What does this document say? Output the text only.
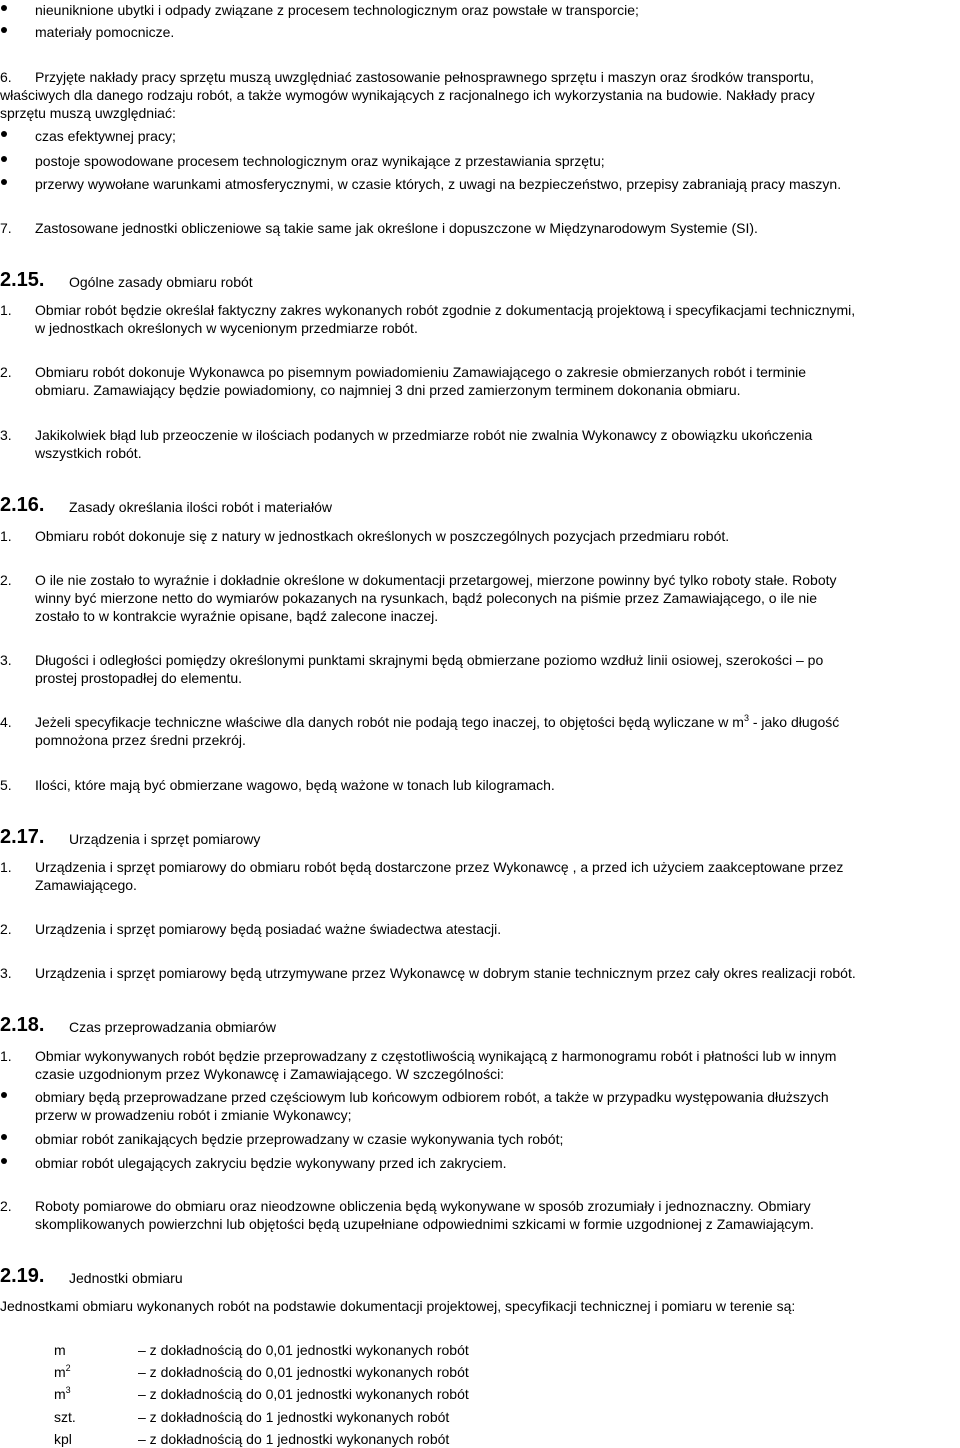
nieuniknione ubytki i odpady związane z procesem technologicznym oraz powstałe w transporcie;
materiały pomocnicze.
6. Przyjęte nakłady pracy sprzętu muszą uwzględniać zastosowanie pełnosprawnego sprzętu i maszyn oraz środków transportu,
właściwych dla danego rodzaju robót, a także wymogów wynikających z racjonalnego ich wykorzystania na budowie. Nakłady pracy
sprzętu muszą uwzględniać:
czas efektywnej pracy;
postoje spowodowane procesem technologicznym oraz wynikające z przestawiania sprzętu;
przerwy wywołane warunkami atmosferycznymi, w czasie których, z uwagi na bezpieczeństwo, przepisy zabraniają pracy maszyn.
7. Zastosowane jednostki obliczeniowe są takie same jak określone i dopuszczone w Międzynarodowym Systemie (SI).
2.15. Ogólne zasady obmiaru robót
1. Obmiar robót będzie określał faktyczny zakres wykonanych robót zgodnie z dokumentacją projektową i specyfikacjami technicznymi,
w jednostkach określonych w wycenionym przedmiarze robót.
2. Obmiaru robót dokonuje Wykonawca po pisemnym powiadomieniu Zamawiającego o zakresie obmierzanych robót i terminie
obmiaru. Zamawiający będzie powiadomiony, co najmniej 3 dni przed zamierzonym terminem dokonania obmiaru.
3. Jakikolwiek błąd lub przeoczenie w ilościach podanych w przedmiarze robót nie zwalnia Wykonawcy z obowiązku ukończenia
wszystkich robót.
2.16. Zasady określania ilości robót i materiałów
1. Obmiaru robót dokonuje się z natury w jednostkach określonych w poszczególnych pozycjach przedmiaru robót.
2. O ile nie zostało to wyraźnie i dokładnie określone w dokumentacji przetargowej, mierzone powinny być tylko roboty stałe. Roboty
winny być mierzone netto do wymiarów pokazanych na rysunkach, bądź poleconych na piśmie przez Zamawiającego, o ile nie
zostało to w kontrakcie wyraźnie opisane, bądź zalecone inaczej.
3. Długości i odległości pomiędzy określonymi punktami skrajnymi będą obmierzane poziomo wzdłuż linii osiowej, szerokości – po
prostej prostopadłej do elementu.
4. Jeżeli specyfikacje techniczne właściwe dla danych robót nie podają tego inaczej, to objętości będą wyliczane w $m^3$ - jako długość
pomnożona przez średni przekrój.
5. Ilości, które mają być obmierzane wagowo, będą ważone w tonach lub kilogramach.
2.17. Urządzenia i sprzęt pomiarowy
1. Urządzenia i sprzęt pomiarowy do obmiaru robót będą dostarczone przez Wykonawcę , a przed ich użyciem zaakceptowane przez
Zamawiającego.
2. Urządzenia i sprzęt pomiarowy będą posiadać ważne świadectwa atestacji.
3. Urządzenia i sprzęt pomiarowy będą utrzymywane przez Wykonawcę w dobrym stanie technicznym przez cały okres realizacji robót.
2.18. Czas przeprowadzania obmiarów
1. Obmiar wykonywanych robót będzie przeprowadzany z częstotliwością wynikającą z harmonogramu robót i płatności lub w innym
czasie uzgodnionym przez Wykonawcę i Zamawiającego. W szczególności:
obmiary będą przeprowadzane przed częściowym lub końcowym odbiorem robót, a także w przypadku występowania dłuższych
przerw w prowadzeniu robót i zmianie Wykonawcy;
obmiar robót zanikających będzie przeprowadzany w czasie wykonywania tych robót;
obmiar robót ulegających zakryciu będzie wykonywany przed ich zakryciem.
2. Roboty pomiarowe do obmiaru oraz nieodzowne obliczenia będą wykonywane w sposób zrozumiały i jednoznaczny. Obmiary
skomplikowanych powierzchni lub objętości będą uzupełniane odpowiednimi szkicami w formie uzgodnionej z Zamawiającym.
2.19. Jednostki obmiaru
Jednostkami obmiaru wykonanych robót na podstawie dokumentacji projektowej, specyfikacji technicznej i pomiaru w terenie są:
m	– z dokładnością do 0,01 jednostki wykonanych robót
$m^2$	– z dokładnością do 0,01 jednostki wykonanych robót
$m^3$	– z dokładnością do 0,01 jednostki wykonanych robót
szt.	– z dokładnością do 1 jednostki wykonanych robót
kpl	– z dokładnością do 1 jednostki wykonanych robót
